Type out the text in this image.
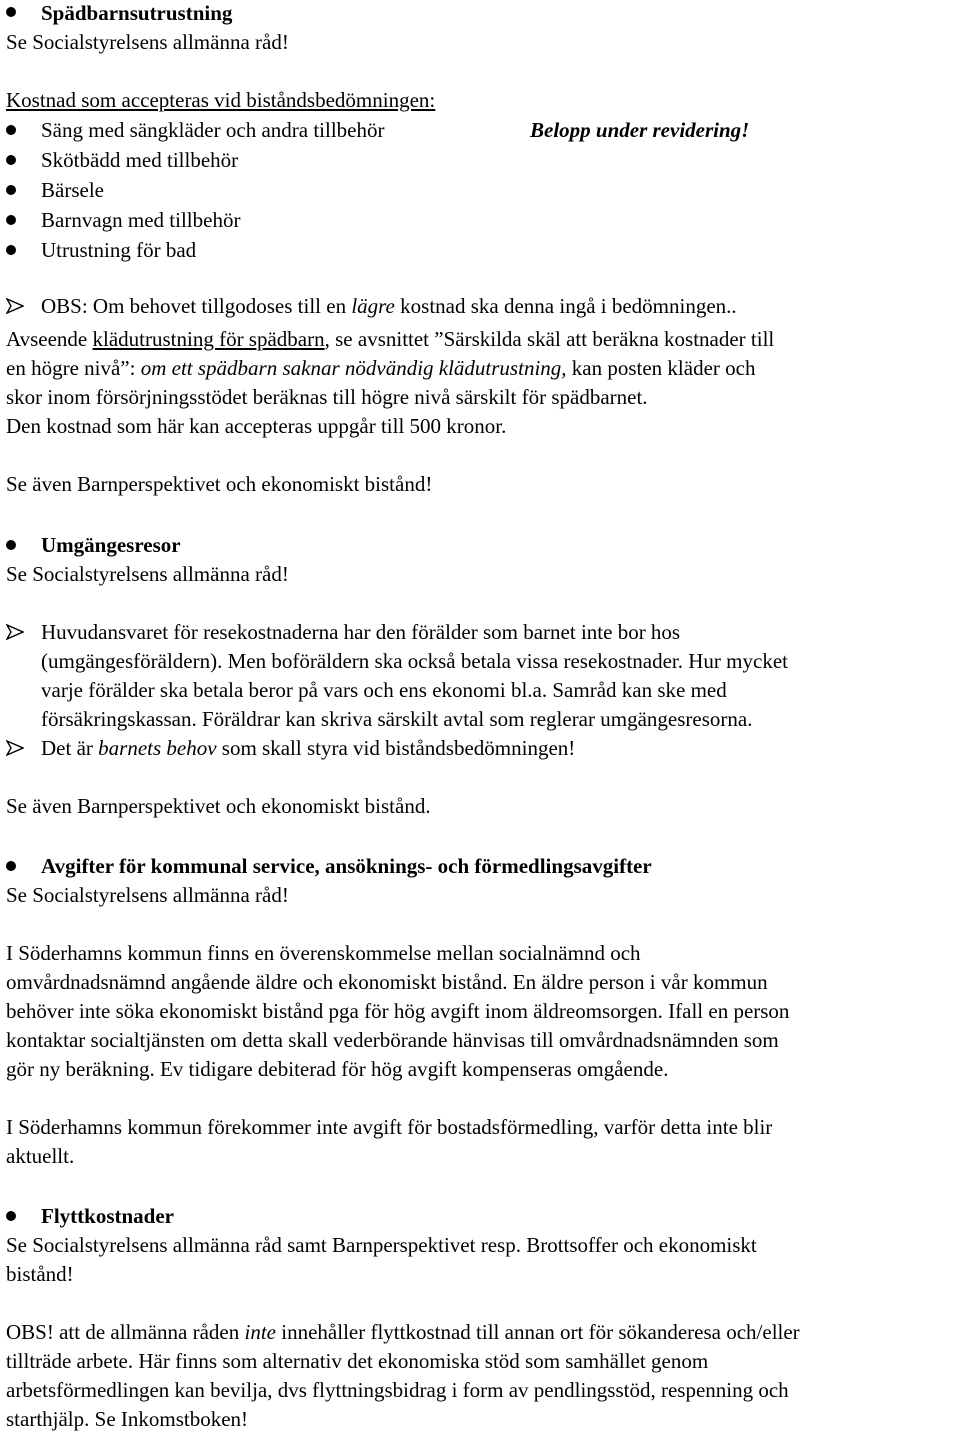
Spädbarnsutrustning
Se Socialstyrelsens allmänna råd!
Kostnad som accepteras vid biståndsbedömningen:
Säng med sängkläder och andra tillbehör	Belopp under revidering!
Skötbädd med tillbehör
Bärsele
Barnvagn med tillbehör
Utrustning för bad
OBS: Om behovet tillgodoses till en lägre kostnad ska denna ingå i bedömningen..
Avseende klädutrustning för spädbarn, se avsnittet ”Särskilda skäl att beräkna kostnader till
en högre nivå”: om ett spädbarn saknar nödvändig klädutrustning, kan posten kläder och
skor inom försörjningsstödet beräknas till högre nivå särskilt för spädbarnet.
Den kostnad som här kan accepteras uppgår till 500 kronor.
Se även Barnperspektivet och ekonomiskt bistånd!
Umgängesresor
Se Socialstyrelsens allmänna råd!
Huvudansvaret för resekostnaderna har den förälder som barnet inte bor hos
(umgängesföräldern). Men boföräldern ska också betala vissa resekostnader. Hur mycket
varje förälder ska betala beror på vars och ens ekonomi bl.a. Samråd kan ske med
försäkringskassan. Föräldrar kan skriva särskilt avtal som reglerar umgängesresorna.
Det är barnets behov som skall styra vid biståndsbedömningen!
Se även Barnperspektivet och ekonomiskt bistånd.
Avgifter för kommunal service, ansöknings- och förmedlingsavgifter
Se Socialstyrelsens allmänna råd!
I Söderhamns kommun finns en överenskommelse mellan socialnämnd och
omvårdnadsnämnd angående äldre och ekonomiskt bistånd. En äldre person i vår kommun
behöver inte söka ekonomiskt bistånd pga för hög avgift inom äldreomsorgen. Ifall en person
kontaktar socialtjänsten om detta skall vederbörande hänvisas till omvårdnadsnämnden som
gör ny beräkning. Ev tidigare debiterad för hög avgift kompenseras omgående.
I Söderhamns kommun förekommer inte avgift för bostadsförmedling, varför detta inte blir
aktuellt.
Flyttkostnader
Se Socialstyrelsens allmänna råd samt Barnperspektivet resp. Brottsoffer och ekonomiskt
bistånd!
OBS! att de allmänna råden inte innehåller flyttkostnad till annan ort för sökanderesa och/eller
tillträde arbete. Här finns som alternativ det ekonomiska stöd som samhället genom
arbetsförmedlingen kan bevilja, dvs flyttningsbidrag i form av pendlingsstöd, respenning och
starthjälp. Se Inkomstboken!
